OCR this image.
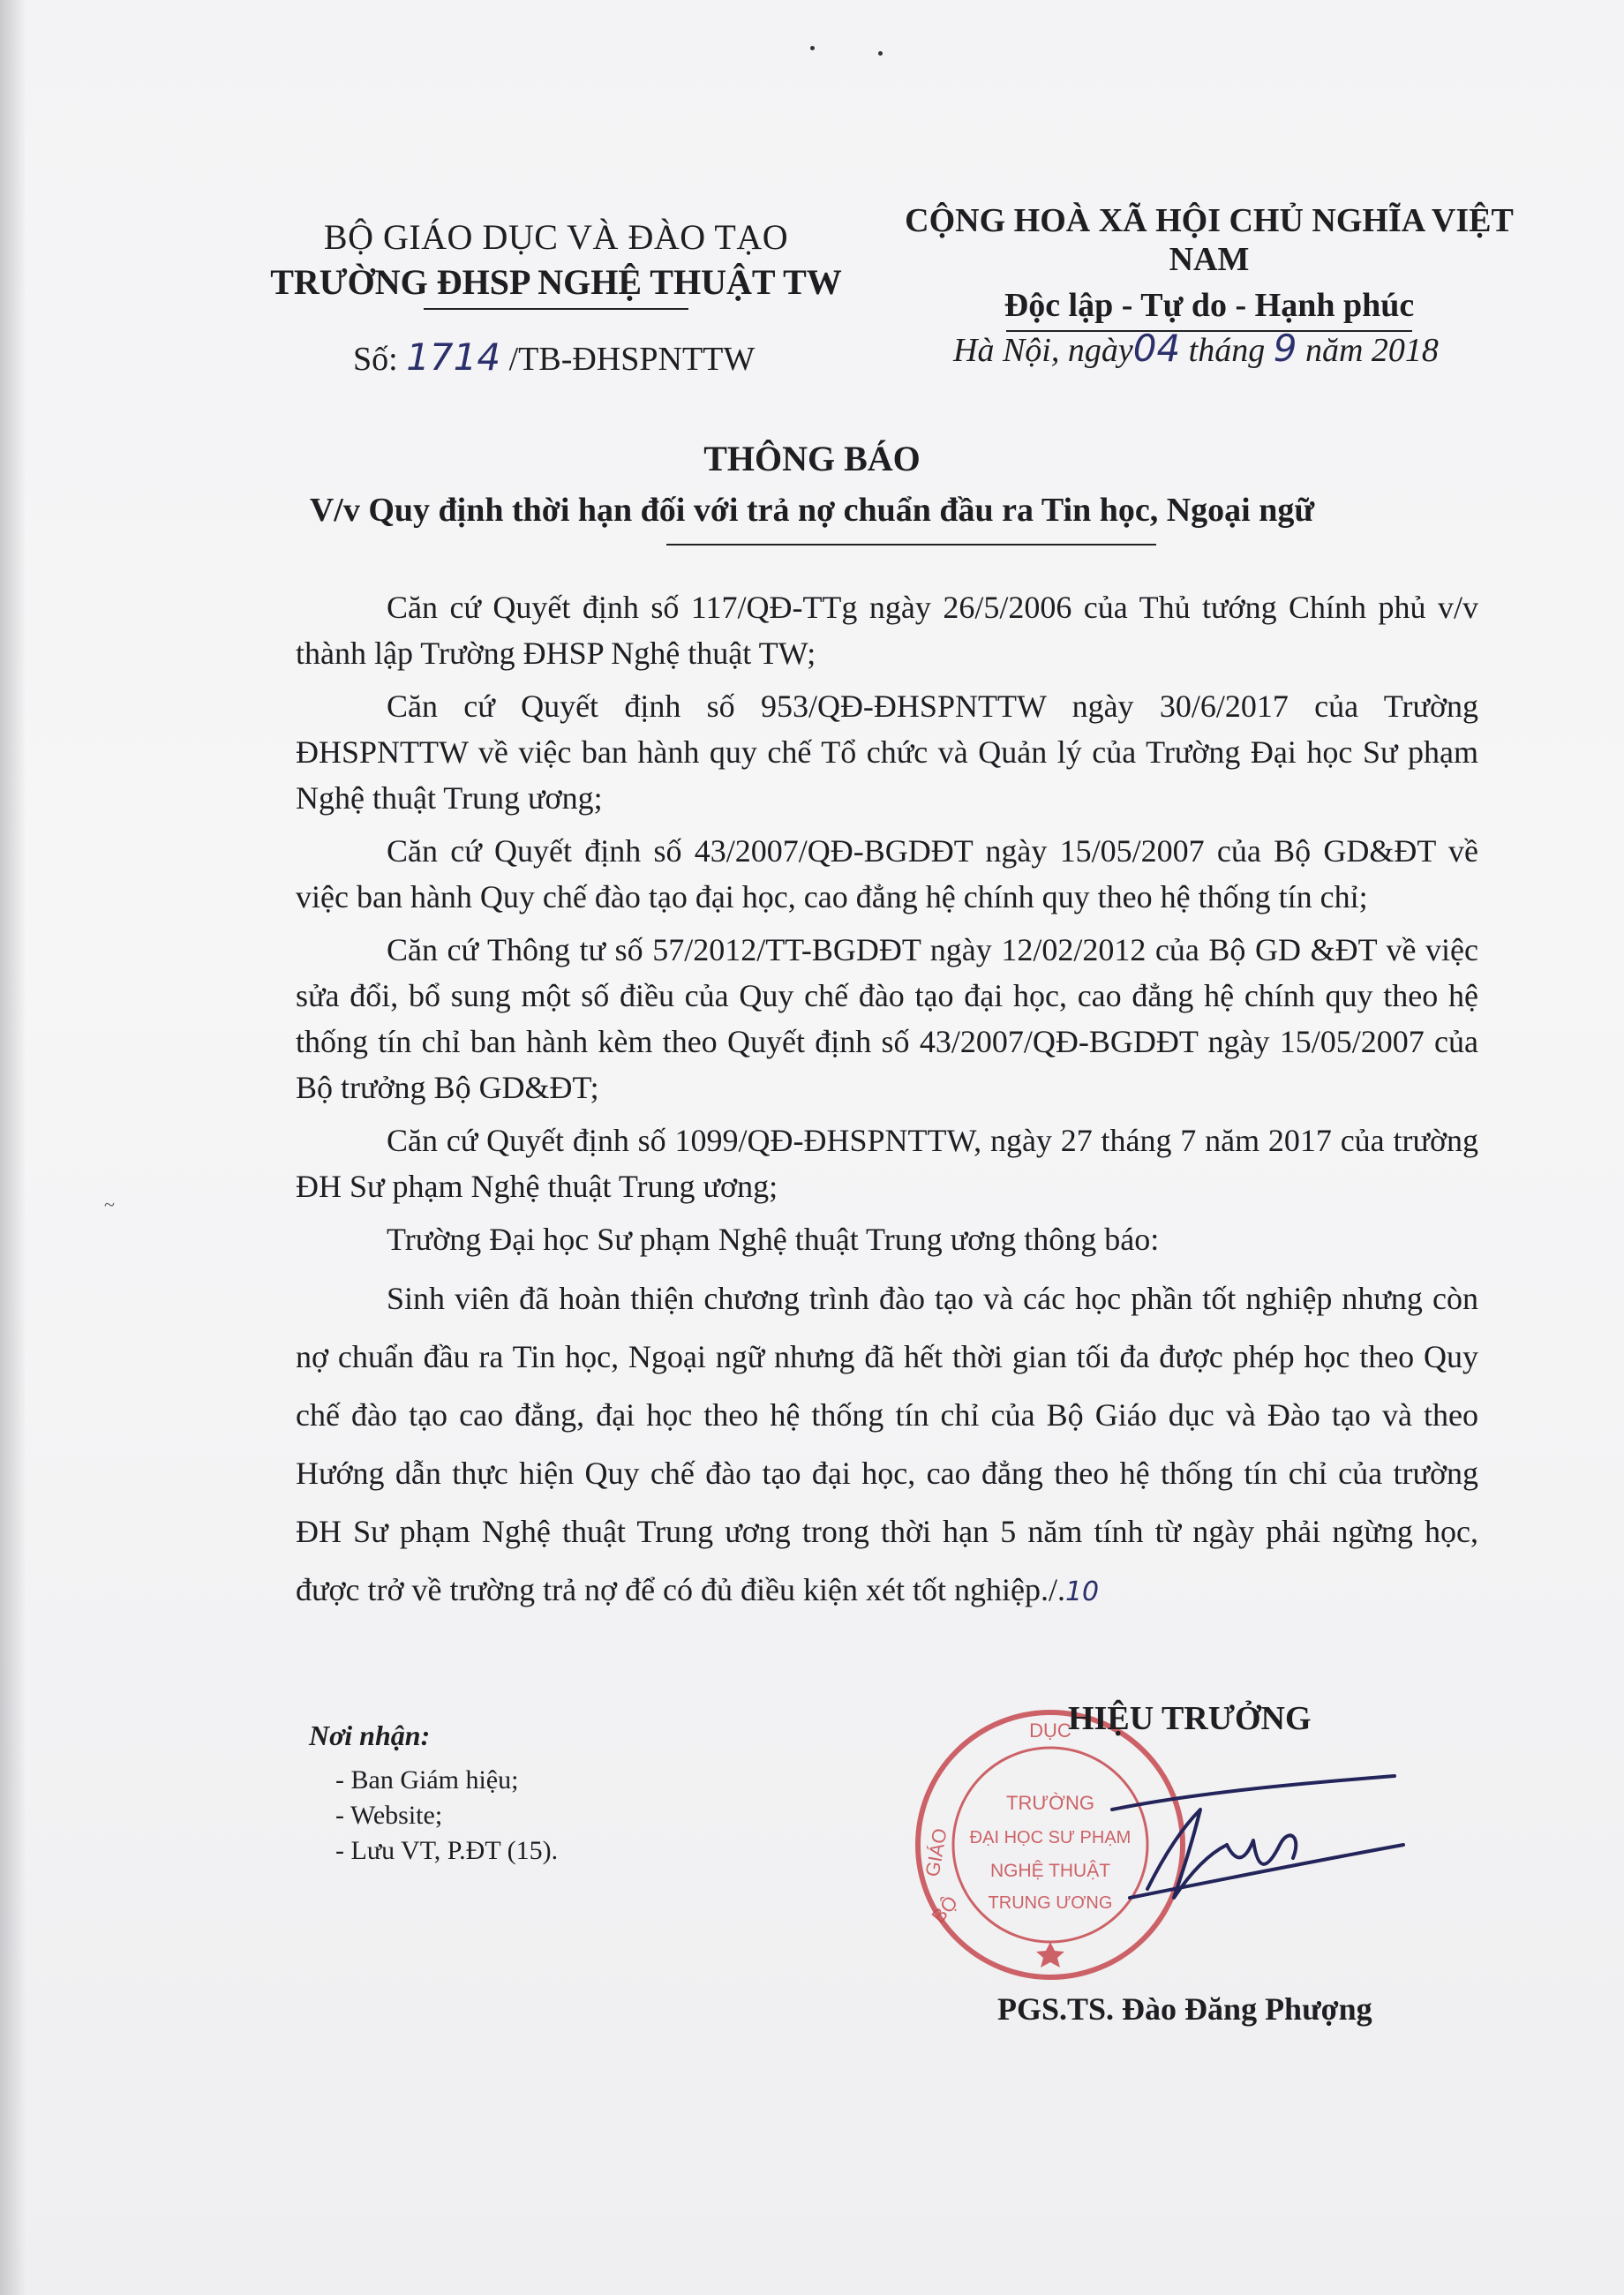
BỘ GIÁO DỤC VÀ ĐÀO TẠO
TRƯỜNG ĐHSP NGHỆ THUẬT TW
CỘNG HOÀ XÃ HỘI CHỦ NGHĨA VIỆT NAM
Độc lập - Tự do - Hạnh phúc
Số: 1714 /TB-ĐHSPNTTW	Hà Nội, ngày04 tháng 9 năm 2018
THÔNG BÁO
V/v Quy định thời hạn đối với trả nợ chuẩn đầu ra Tin học, Ngoại ngữ

Căn cứ Quyết định số 117/QĐ-TTg ngày 26/5/2006 của Thủ tướng Chính phủ v/v thành lập Trường ĐHSP Nghệ thuật TW;

Căn cứ Quyết định số 953/QĐ-ĐHSPNTTW ngày 30/6/2017 của Trường ĐHSPNTTW về việc ban hành quy chế Tổ chức và Quản lý của Trường Đại học Sư phạm Nghệ thuật Trung ương;

Căn cứ Quyết định số 43/2007/QĐ-BGDĐT ngày 15/05/2007 của Bộ GD&ĐT về việc ban hành Quy chế đào tạo đại học, cao đẳng hệ chính quy theo hệ thống tín chỉ;

Căn cứ Thông tư số 57/2012/TT-BGDĐT ngày 12/02/2012 của Bộ GD &ĐT về việc sửa đổi, bổ sung một số điều của Quy chế đào tạo đại học, cao đẳng hệ chính quy theo hệ thống tín chỉ ban hành kèm theo Quyết định số 43/2007/QĐ-BGDĐT ngày 15/05/2007 của Bộ trưởng Bộ GD&ĐT;

Căn cứ Quyết định số 1099/QĐ-ĐHSPNTTW, ngày 27 tháng 7 năm 2017 của trường ĐH Sư phạm Nghệ thuật Trung ương;

Trường Đại học Sư phạm Nghệ thuật Trung ương thông báo:

Sinh viên đã hoàn thiện chương trình đào tạo và các học phần tốt nghiệp nhưng còn nợ chuẩn đầu ra Tin học, Ngoại ngữ nhưng đã hết thời gian tối đa được phép học theo Quy chế đào tạo cao đẳng, đại học theo hệ thống tín chỉ của Bộ Giáo dục và Đào tạo và theo Hướng dẫn thực hiện Quy chế đào tạo đại học, cao đẳng theo hệ thống tín chỉ của trường ĐH Sư phạm Nghệ thuật Trung ương trong thời hạn 5 năm tính từ ngày phải ngừng học, được trở về trường trả nợ để có đủ điều kiện xét tốt nghiệp./.10

~
Nơi nhận:
- Ban Giám hiệu;
- Website;
- Lưu VT, P.ĐT (15).
DỤC
GIÁO
BỘ
TRƯỜNG
ĐẠI HỌC SƯ PHẠM
NGHỆ THUẬT
TRUNG ƯƠNG
HIỆU TRƯỞNG
PGS.TS. Đào Đăng Phượng
